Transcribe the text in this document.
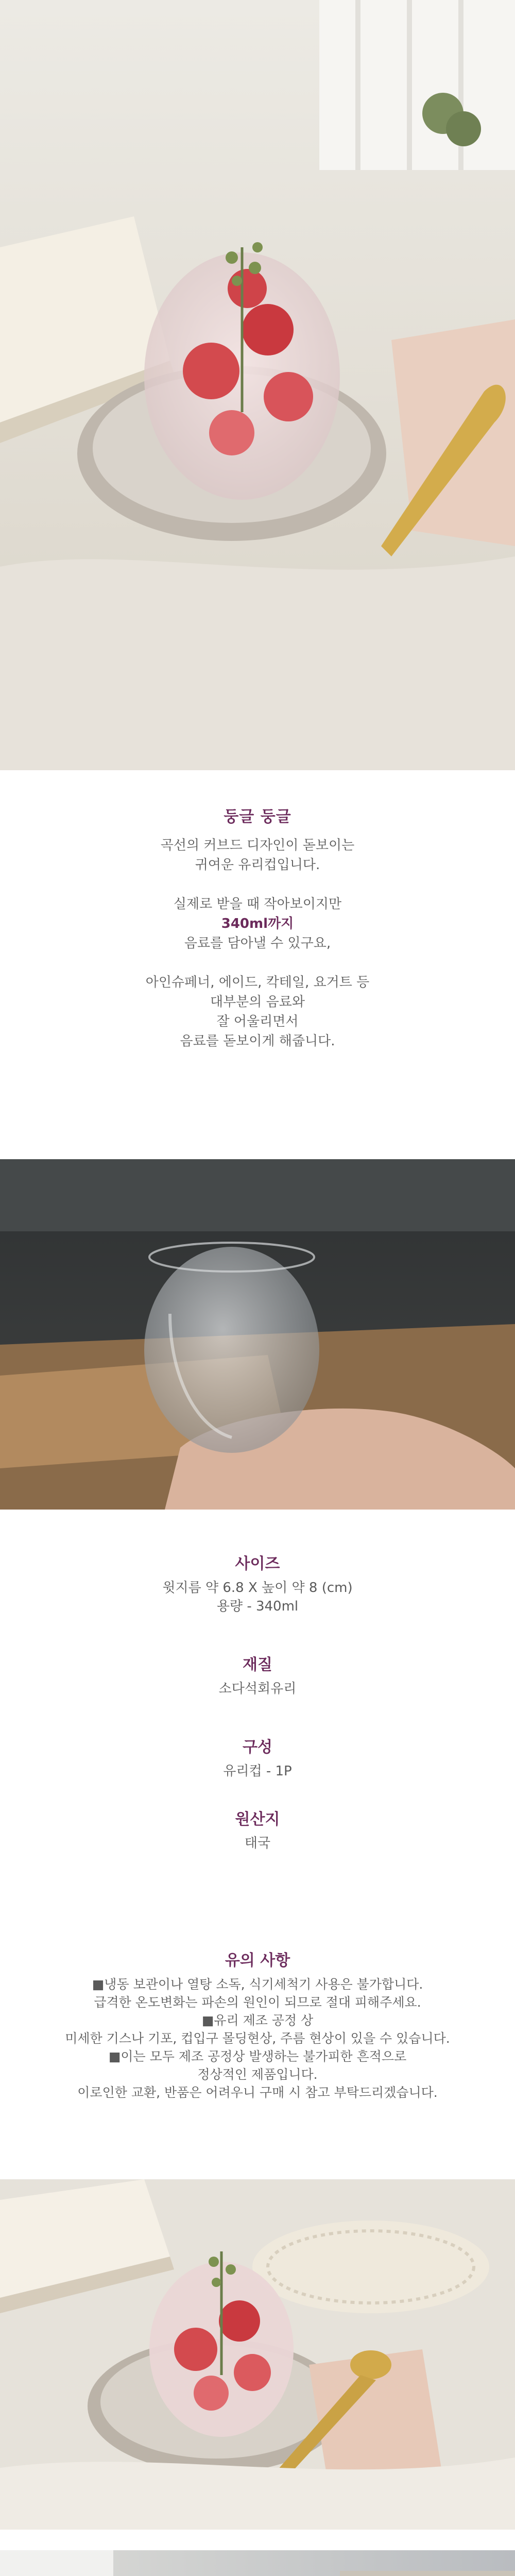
둥글 둥글
곡선의 커브드 디자인이 돋보이는
귀여운 유리컵입니다.
실제로 받을 때 작아보이지만
340ml까지
음료를 담아낼 수 있구요,
아인슈페너, 에이드, 칵테일, 요거트 등
대부분의 음료와
잘 어울리면서
음료를 돋보이게 해줍니다.
사이즈
윗지름 약 6.8 X 높이 약 8 (cm)
용량 - 340ml
재질
소다석회유리
구성
유리컵 - 1P
원산지
태국
유의 사항
■냉동 보관이나 열탕 소독, 식기세척기 사용은 불가합니다.
급격한 온도변화는 파손의 원인이 되므로 절대 피해주세요.
■유리 제조 공정 상
미세한 기스나 기포, 컵입구 몰딩현상, 주름 현상이 있을 수 있습니다.
■이는 모두 제조 공정상 발생하는 불가피한 흔적으로
정상적인 제품입니다.
이로인한 교환, 반품은 어려우니 구매 시 참고 부탁드리겠습니다.
